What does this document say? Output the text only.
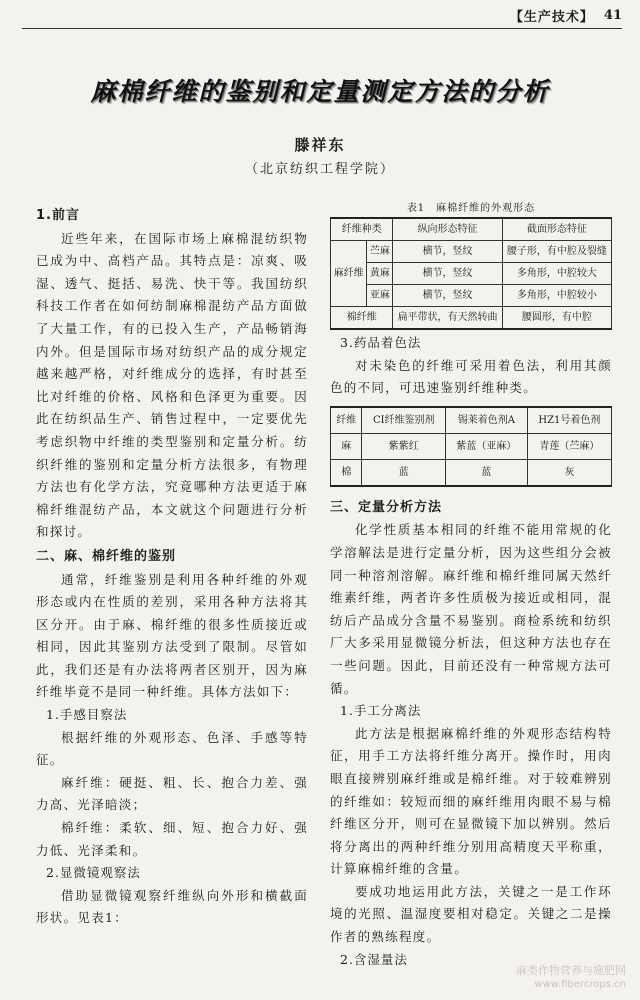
【生产技术】 41
麻棉纤维的鉴别和定量测定方法的分析
滕祥东
（北京纺织工程学院）
1.前言
近些年来，在国际市场上麻棉混纺织物已成为中、高档产品。其特点是：凉爽、吸湿、透气、挺括、易洗、快干等。我国纺织科技工作者在如何纺制麻棉混纺产品方面做了大量工作，有的已投入生产，产品畅销海内外。但是国际市场对纺织产品的成分规定越来越严格，对纤维成分的选择，有时甚至比对纤维的价格、风格和色泽更为重要。因此在纺织品生产、销售过程中，一定要优先考虑织物中纤维的类型鉴别和定量分析。纺织纤维的鉴别和定量分析方法很多，有物理方法也有化学方法，究竟哪种方法更适于麻棉纤维混纺产品，本文就这个问题进行分析和探讨。
二、麻、棉纤维的鉴别
通常，纤维鉴别是利用各种纤维的外观形态或内在性质的差别，采用各种方法将其区分开。由于麻、棉纤维的很多性质接近或相同，因此其鉴别方法受到了限制。尽管如此，我们还是有办法将两者区别开，因为麻纤维毕竟不是同一种纤维。具体方法如下：
1.手感目察法
根据纤维的外观形态、色泽、手感等特征。
麻纤维：硬挺、粗、长、抱合力差、强力高、光泽暗淡；
棉纤维：柔软、细、短、抱合力好、强力低、光泽柔和。
2.显微镜观察法
借助显微镜观察纤维纵向外形和横截面形状。见表1：
表1　麻棉纤维的外观形态
纤维种类		纵向形态特征	截面形态特征
麻纤维	苎麻	横节，竖纹	腰子形，有中腔及裂缝
	黄麻	横节，竖纹	多角形，中腔较大
	亚麻	横节，竖纹	多角形，中腔较小
棉纤维		扁平带状，有天然转曲	腰圆形，有中腔
3.药品着色法
对未染色的纤维可采用着色法，利用其颜色的不同，可迅速鉴别纤维种类。
纤维	CI纤维鉴别剂	锡莱着色剂A	HZ1号着色剂
麻	紫紫红	紫蓝（亚麻）	青莲（苎麻）
棉	蓝	蓝	灰
三、定量分析方法
化学性质基本相同的纤维不能用常规的化学溶解法是进行定量分析，因为这些组分会被同一种溶剂溶解。麻纤维和棉纤维同属天然纤维素纤维，两者许多性质极为接近或相同，混纺后产品成分含量不易鉴别。商检系统和纺织厂大多采用显微镜分析法，但这种方法也存在一些问题。因此，目前还没有一种常规方法可循。
1.手工分离法
此方法是根据麻棉纤维的外观形态结构特征，用手工方法将纤维分离开。操作时，用肉眼直接辨别麻纤维或是棉纤维。对于较难辨别的纤维如：较短而细的麻纤维用肉眼不易与棉纤维区分开，则可在显微镜下加以辨别。然后将分离出的两种纤维分别用高精度天平称重，计算麻棉纤维的含量。
要成功地运用此方法，关键之一是工作环境的光照、温湿度要相对稳定。关键之二是操作者的熟练程度。
2.含湿量法
麻类作物营养与施肥网
www.fibercrops.cn
